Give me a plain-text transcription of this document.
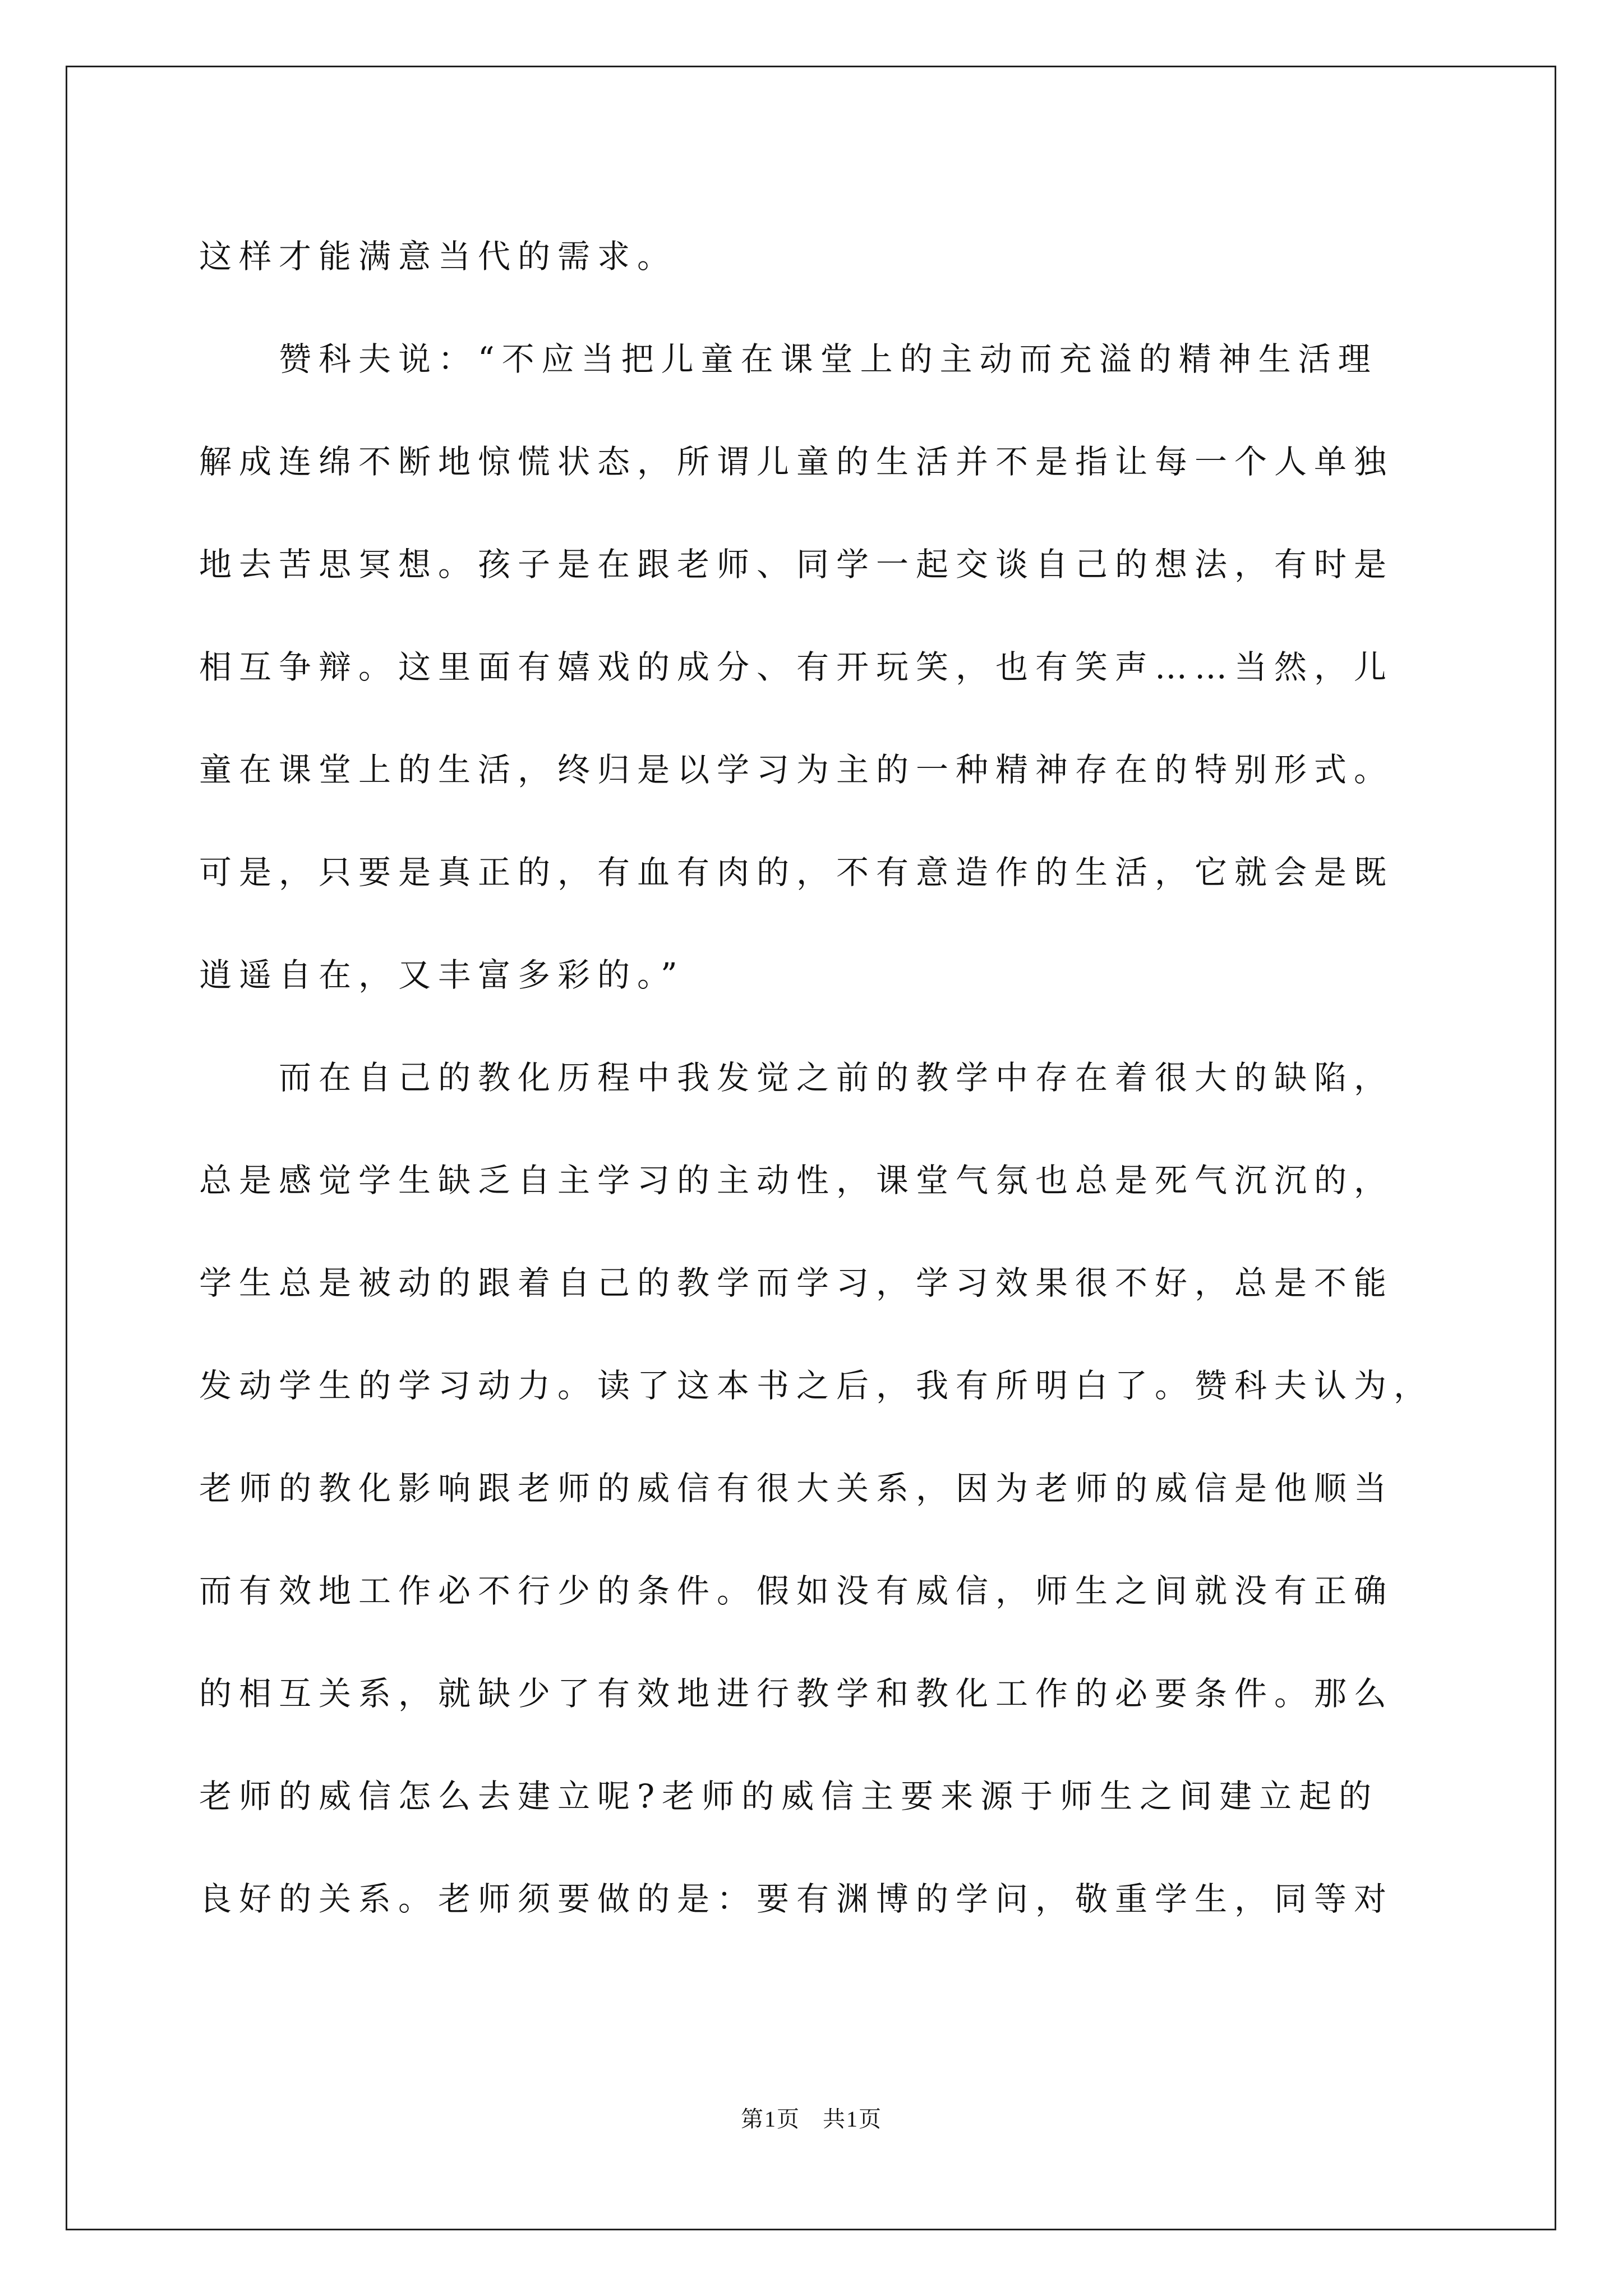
这样才能满意当代的需求。
赞科夫说：“不应当把儿童在课堂上的主动而充溢的精神生活理
解成连绵不断地惊慌状态，所谓儿童的生活并不是指让每一个人单独
地去苦思冥想。孩子是在跟老师、同学一起交谈自己的想法，有时是
相互争辩。这里面有嬉戏的成分、有开玩笑，也有笑声……当然，儿
童在课堂上的生活，终归是以学习为主的一种精神存在的特别形式。
可是，只要是真正的，有血有肉的，不有意造作的生活，它就会是既
逍遥自在，又丰富多彩的。”
而在自己的教化历程中我发觉之前的教学中存在着很大的缺陷，
总是感觉学生缺乏自主学习的主动性，课堂气氛也总是死气沉沉的，
学生总是被动的跟着自己的教学而学习，学习效果很不好，总是不能
发动学生的学习动力。读了这本书之后，我有所明白了。赞科夫认为，
老师的教化影响跟老师的威信有很大关系，因为老师的威信是他顺当
而有效地工作必不行少的条件。假如没有威信，师生之间就没有正确
的相互关系，就缺少了有效地进行教学和教化工作的必要条件。那么
老师的威信怎么去建立呢?老师的威信主要来源于师生之间建立起的
良好的关系。老师须要做的是：要有渊博的学问，敬重学生，同等对
第1页 共1页
